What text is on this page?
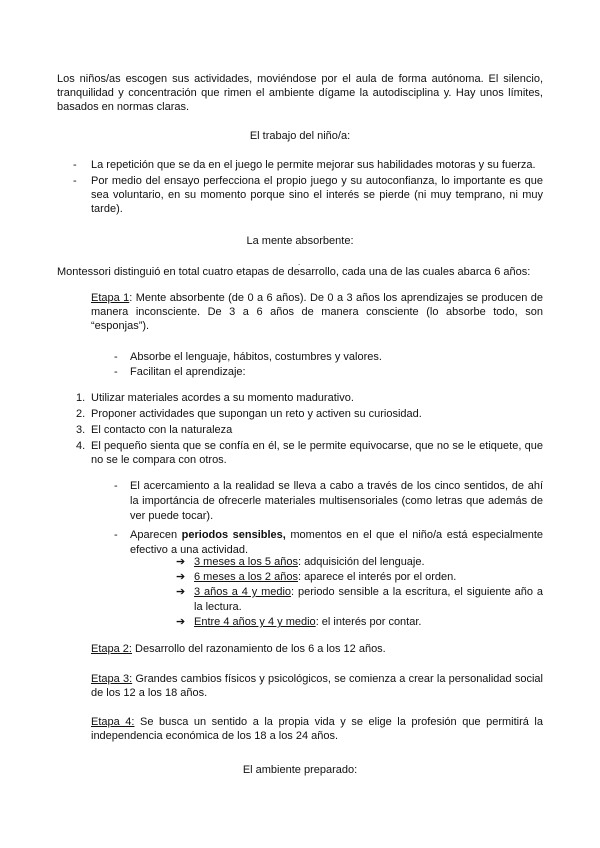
Los niños/as escogen sus actividades, moviéndose por el aula de forma autónoma. El silencio, tranquilidad y concentración que rimen el ambiente dígame la autodisciplina y. Hay unos límites, basados en normas claras.

El trabajo del niño/a:

- La repetición que se da en el juego le permite mejorar sus habilidades motoras y su fuerza.
- Por medio del ensayo perfecciona el propio juego y su autoconfianza, lo importante es que sea voluntario, en su momento porque sino el interés se pierde (ni muy temprano, ni muy tarde).

La mente absorbente:

.

Montessori distinguió en total cuatro etapas de desarrollo, cada una de las cuales abarca 6 años:

Etapa 1: Mente absorbente (de 0 a 6 años). De 0 a 3 años los aprendizajes se producen de manera inconsciente. De 3 a 6 años de manera consciente (lo absorbe todo, son “esponjas”).

- Absorbe el lenguaje, hábitos, costumbres y valores.
- Facilitan el aprendizaje:
1. Utilizar materiales acordes a su momento madurativo.
2. Proponer actividades que supongan un reto y activen su curiosidad.
3. El contacto con la naturaleza
4. El pequeño sienta que se confía en él, se le permite equivocarse, que no se le etiquete, que no se le compara con otros.
- El acercamiento a la realidad se lleva a cabo a través de los cinco sentidos, de ahí la importáncia de ofrecerle materiales multisensoriales (como letras que además de ver puede tocar).
- Aparecen periodos sensibles, momentos en el que el niño/a está especialmente efectivo a una actividad.
➔ 3 meses a los 5 años: adquisición del lenguaje.
➔ 6 meses a los 2 años: aparece el interés por el orden.
➔ 3 años a 4 y medio: periodo sensible a la escritura, el siguiente año a la lectura.
➔ Entre 4 años y 4 y medio: el interés por contar.

Etapa 2: Desarrollo del razonamiento de los 6 a los 12 años.

Etapa 3: Grandes cambios físicos y psicológicos, se comienza a crear la personalidad social de los 12 a los 18 años.

Etapa 4: Se busca un sentido a la propia vida y se elige la profesión que permitirá la independencia económica de los 18 a los 24 años.

El ambiente preparado:
